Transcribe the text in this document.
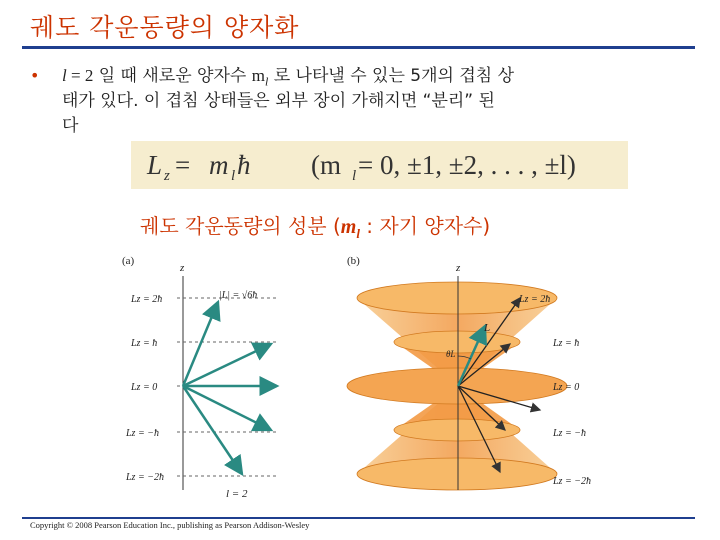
궤도 각운동량의 양자화
• l = 2 일 때 새로운 양자수 $m_l$ 로 나타낼 수 있는 5개의 겹침 상
태가 있다. 이 겹침 상태들은 외부 장이 가해지면 “분리” 된
다
L z = m l ħ (m l = 0, ±1, ±2, . . . , ±l)
궤도 각운동량의 성분 ($m_l$ : 자기 양자수)
(a)
z
Lz = 2ħ
Lz = ħ
Lz = 0
Lz = −ħ
Lz = −2ħ
|L| = √6ħ
l = 2
(b)
z
L
θL
Lz = 2ħ
Lz = ħ
Lz = 0
Lz = −ħ
Lz = −2ħ
Copyright © 2008 Pearson Education Inc., publishing as Pearson Addison-Wesley
